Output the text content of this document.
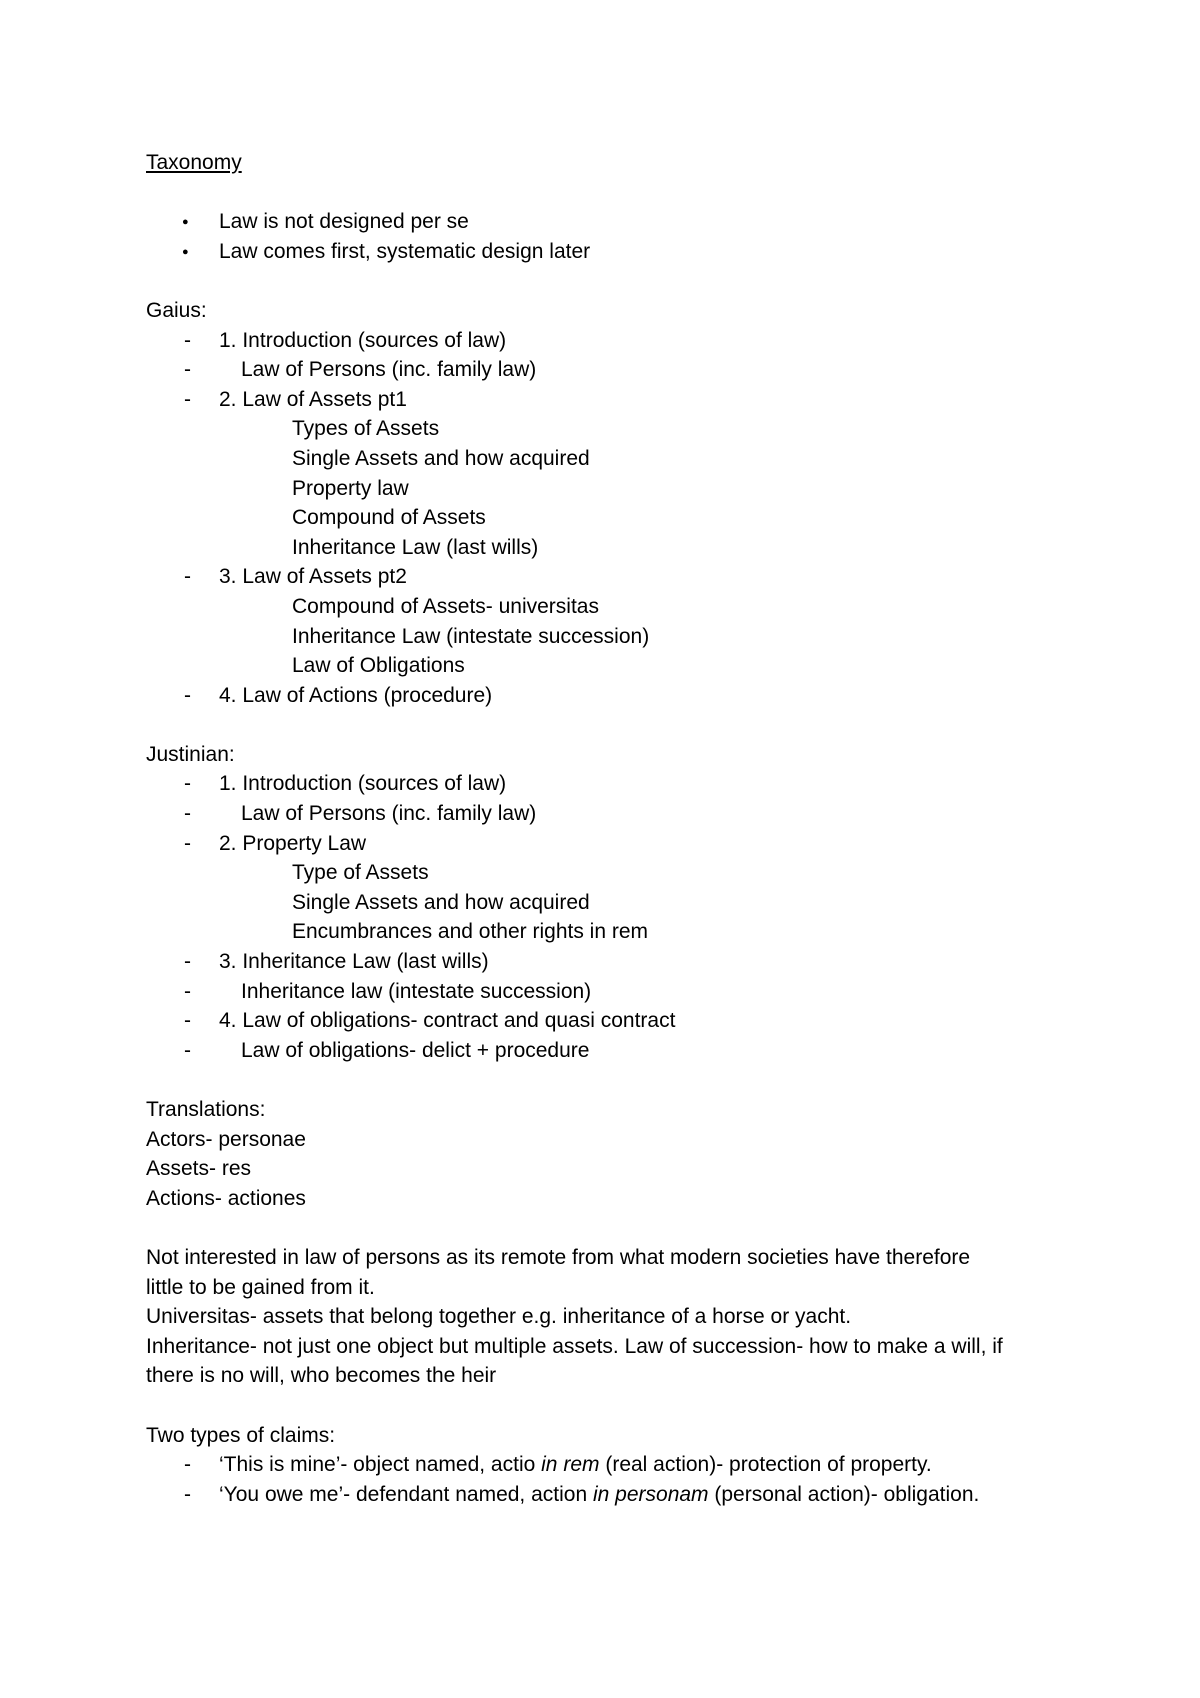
Taxonomy
●
Law is not designed per se
●
Law comes first, systematic design later
Gaius:
- 1. Introduction (sources of law)
- Law of Persons (inc. family law)
- 2. Law of Assets pt1
Types of Assets
Single Assets and how acquired
Property law
Compound of Assets
Inheritance Law (last wills)
- 3. Law of Assets pt2
Compound of Assets- universitas
Inheritance Law (intestate succession)
Law of Obligations
- 4. Law of Actions (procedure)
Justinian:
- 1. Introduction (sources of law)
- Law of Persons (inc. family law)
- 2. Property Law
Type of Assets
Single Assets and how acquired
Encumbrances and other rights in rem
- 3. Inheritance Law (last wills)
- Inheritance law (intestate succession)
- 4. Law of obligations- contract and quasi contract
- Law of obligations- delict + procedure
Translations:
Actors- personae
Assets- res
Actions- actiones
Not interested in law of persons as its remote from what modern societies have therefore
little to be gained from it.
Universitas- assets that belong together e.g. inheritance of a horse or yacht.
Inheritance- not just one object but multiple assets. Law of succession- how to make a will, if
there is no will, who becomes the heir
Two types of claims:
- ‘This is mine’- object named, actio in rem (real action)- protection of property.
- ‘You owe me’- defendant named, action in personam (personal action)- obligation.
